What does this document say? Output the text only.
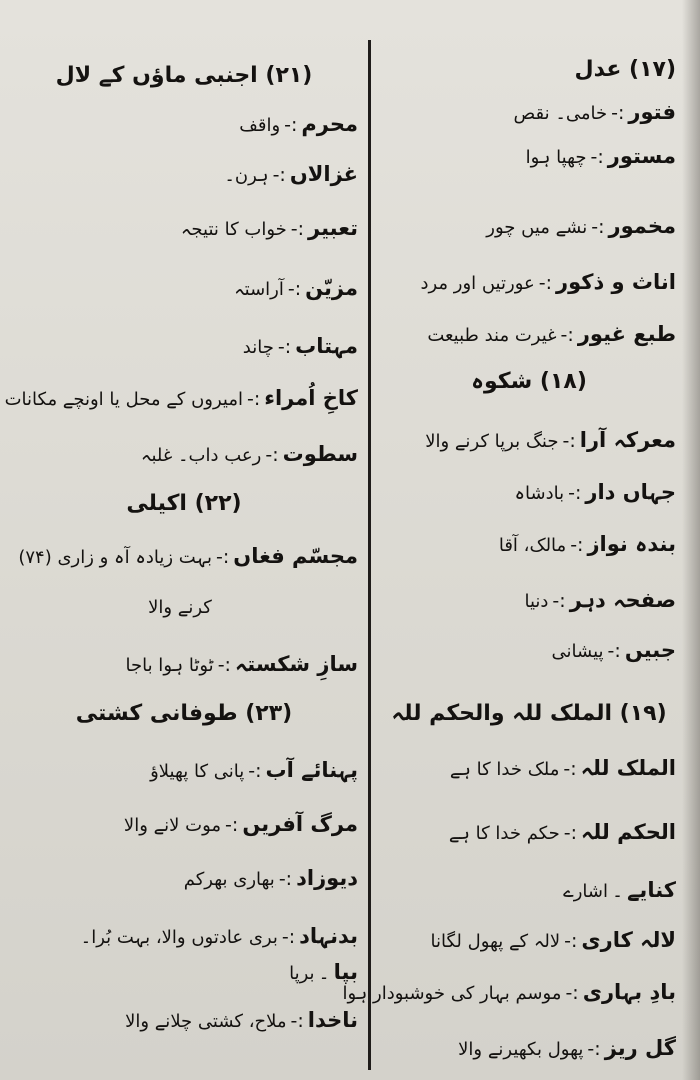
(۱۷) عدل
فتور:-خامی۔ نقص
مستور:-چھپا ہوا
مخمور:-نشے میں چور
اناث و ذکور:-عورتیں اور مرد
طبع غیور:-غیرت مند طبیعت
(۱۸) شکوہ
معرکہ آرا:-جنگ برپا کرنے والا
جہاں دار:-بادشاہ
بندہ نواز:-مالک، آقا
صفحہ دہر:-دنیا
جبیں:-پیشانی
(۱۹) الملک للہ والحکم للہ
الملک للہ:-ملک خدا کا ہے
الحکم للہ:-حکم خدا کا ہے
کنایے۔اشارے
لالہ کاری:-لالہ کے پھول لگانا
بادِ بہاری:-موسم بہار کی خوشبودار ہوا
گل ریز:-پھول بکھیرنے والا
(۲۱) اجنبی ماؤں کے لال
محرم:-واقف
غزالاں:-ہرن۔
تعبیر:-خواب کا نتیجہ
مزیّن:-آراستہ
مہتاب:-چاند
کاخِ اُمراء:-امیروں کے محل یا اونچے مکانات
سطوت:-رعب داب۔ غلبہ
(۲۲) اکیلی
مجسّم فغاں:-بہت زیادہ آہ و زاری (۷۴)
کرنے والا
سازِ شکستہ:-ٹوٹا ہوا باجا
(۲۳) طوفانی کشتی
پہنائے آب:-پانی کا پھیلاؤ
مرگ آفریں:-موت لانے والا
دیوزاد:-بھاری بھرکم
بدنہاد:-بری عادتوں والا، بہت بُرا۔
بپا۔برپا
ناخدا:-ملاح، کشتی چلانے والا
